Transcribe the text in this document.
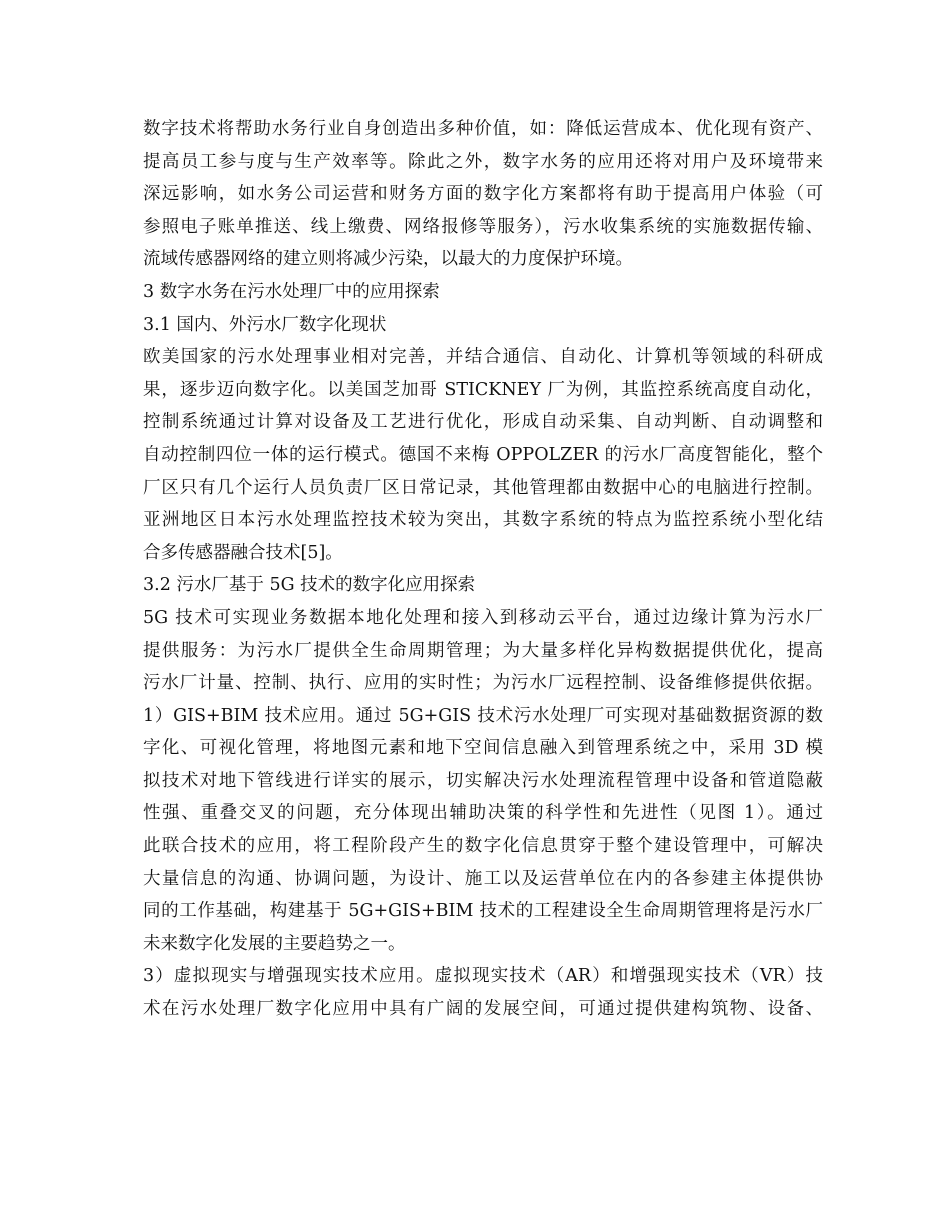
数字技术将帮助水务行业自身创造出多种价值，如：降低运营成本、优化现有资产、
提高员工参与度与生产效率等。除此之外，数字水务的应用还将对用户及环境带来
深远影响，如水务公司运营和财务方面的数字化方案都将有助于提高用户体验（可
参照电子账单推送、线上缴费、网络报修等服务），污水收集系统的实施数据传输、
流域传感器网络的建立则将减少污染，以最大的力度保护环境。
3 数字水务在污水处理厂中的应用探索
3.1 国内、外污水厂数字化现状
欧美国家的污水处理事业相对完善，并结合通信、自动化、计算机等领域的科研成
果，逐步迈向数字化。以美国芝加哥 STICKNEY 厂为例，其监控系统高度自动化，
控制系统通过计算对设备及工艺进行优化，形成自动采集、自动判断、自动调整和
自动控制四位一体的运行模式。德国不来梅 OPPOLZER 的污水厂高度智能化，整个
厂区只有几个运行人员负责厂区日常记录，其他管理都由数据中心的电脑进行控制。
亚洲地区日本污水处理监控技术较为突出，其数字系统的特点为监控系统小型化结
合多传感器融合技术[5]。
3.2 污水厂基于 5G 技术的数字化应用探索
5G 技术可实现业务数据本地化处理和接入到移动云平台，通过边缘计算为污水厂
提供服务：为污水厂提供全生命周期管理；为大量多样化异构数据提供优化，提高
污水厂计量、控制、执行、应用的实时性；为污水厂远程控制、设备维修提供依据。
1）GIS+BIM 技术应用。通过 5G+GIS 技术污水处理厂可实现对基础数据资源的数
字化、可视化管理，将地图元素和地下空间信息融入到管理系统之中，采用 3D 模
拟技术对地下管线进行详实的展示，切实解决污水处理流程管理中设备和管道隐蔽
性强、重叠交叉的问题，充分体现出辅助决策的科学性和先进性（见图 1）。通过
此联合技术的应用，将工程阶段产生的数字化信息贯穿于整个建设管理中，可解决
大量信息的沟通、协调问题，为设计、施工以及运营单位在内的各参建主体提供协
同的工作基础，构建基于 5G+GIS+BIM 技术的工程建设全生命周期管理将是污水厂
未来数字化发展的主要趋势之一。
3）虚拟现实与增强现实技术应用。虚拟现实技术（AR）和增强现实技术（VR）技
术在污水处理厂数字化应用中具有广阔的发展空间，可通过提供建构筑物、设备、
